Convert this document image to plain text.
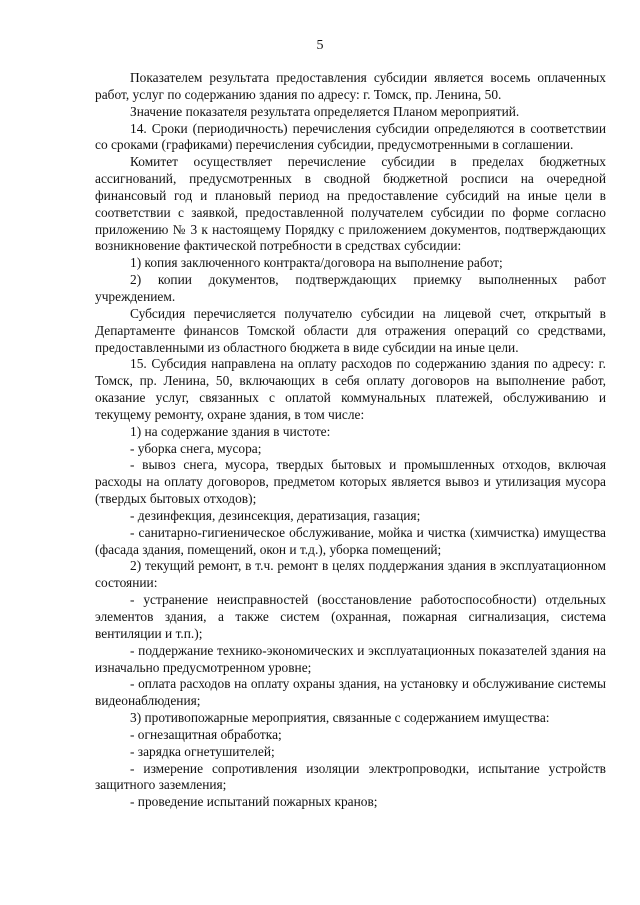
5

Показателем результата предоставления субсидии является восемь оплаченных работ, услуг по содержанию здания по адресу: г. Томск, пр. Ленина, 50.

Значение показателя результата определяется Планом мероприятий.

14. Сроки (периодичность) перечисления субсидии определяются в соответствии со сроками (графиками) перечисления субсидии, предусмотренными в соглашении.

Комитет осуществляет перечисление субсидии в пределах бюджетных ассигнований, предусмотренных в сводной бюджетной росписи на очередной финансовый год и плановый период на предоставление субсидий на иные цели в соответствии с заявкой, предоставленной получателем субсидии по форме согласно приложению № 3 к настоящему Порядку с приложением документов, подтверждающих возникновение фактической потребности в средствах субсидии:

1) копия заключенного контракта/договора на выполнение работ;

2) копии документов, подтверждающих приемку выполненных работ учреждением.

Субсидия перечисляется получателю субсидии на лицевой счет, открытый в Департаменте финансов Томской области для отражения операций со средствами, предоставленными из областного бюджета в виде субсидии на иные цели.

15. Субсидия направлена на оплату расходов по содержанию здания по адресу: г. Томск, пр. Ленина, 50, включающих в себя оплату договоров на выполнение работ, оказание услуг, связанных с оплатой коммунальных платежей, обслуживанию и текущему ремонту, охране здания, в том числе:

1) на содержание здания в чистоте:

- уборка снега, мусора;

- вывоз снега, мусора, твердых бытовых и промышленных отходов, включая расходы на оплату договоров, предметом которых является вывоз и утилизация мусора (твердых бытовых отходов);

- дезинфекция, дезинсекция, дератизация, газация;

- санитарно-гигиеническое обслуживание, мойка и чистка (химчистка) имущества (фасада здания, помещений, окон и т.д.), уборка помещений;

2) текущий ремонт, в т.ч. ремонт в целях поддержания здания в эксплуатационном состоянии:

- устранение неисправностей (восстановление работоспособности) отдельных элементов здания, а также систем (охранная, пожарная сигнализация, система вентиляции и т.п.);

- поддержание технико-экономических и эксплуатационных показателей здания на изначально предусмотренном уровне;

- оплата расходов на оплату охраны здания, на установку и обслуживание системы видеонаблюдения;

3) противопожарные мероприятия, связанные с содержанием имущества:

- огнезащитная обработка;

- зарядка огнетушителей;

- измерение сопротивления изоляции электропроводки, испытание устройств защитного заземления;

- проведение испытаний пожарных кранов;
